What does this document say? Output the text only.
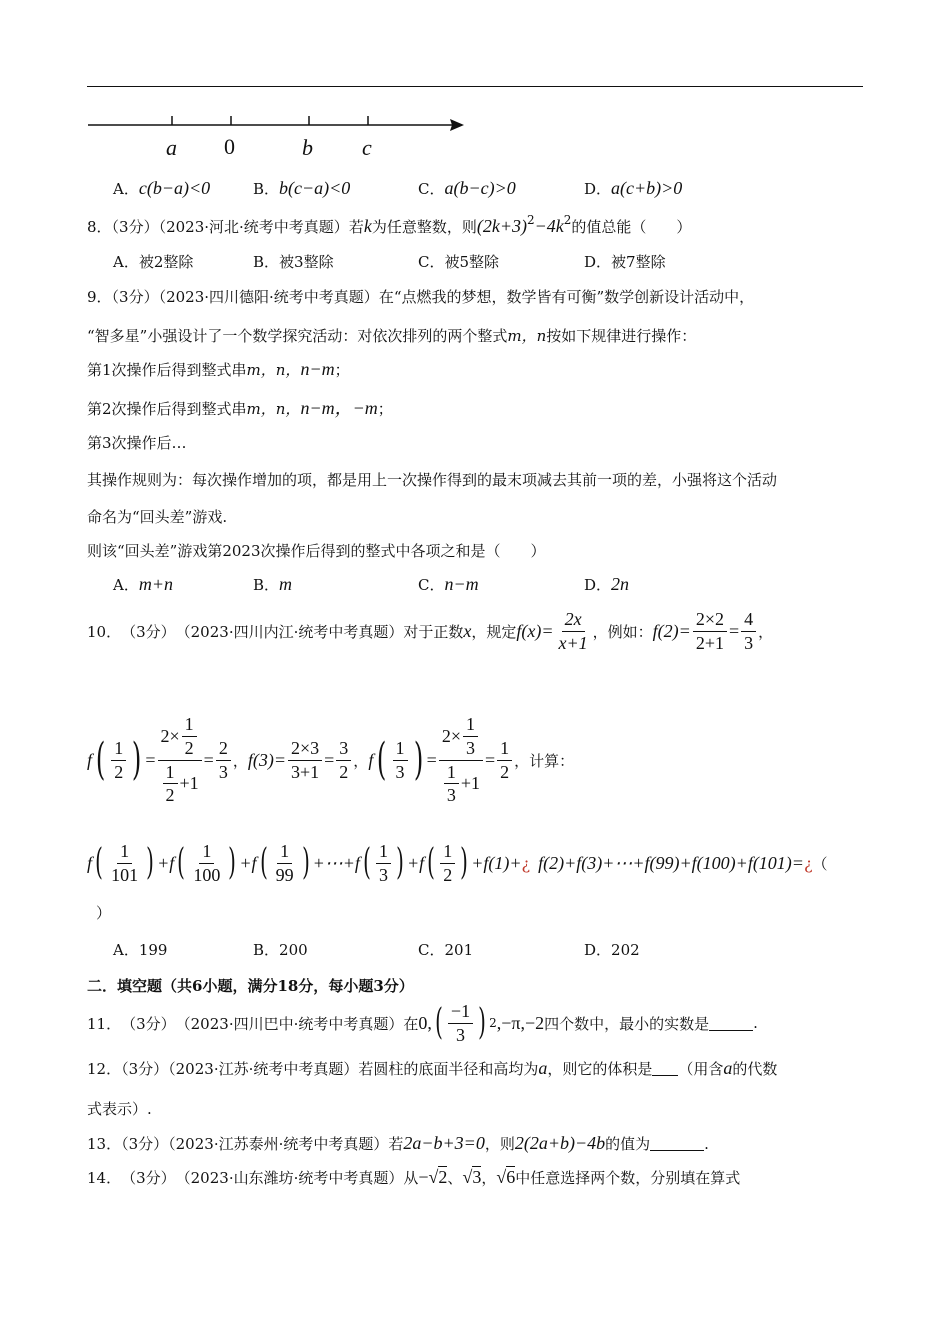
a 0	b c
A．c(b−a)<0	B．b(c−a)<0	C．a(b−c)>0	D．a(c+b)>0
8．（3分）（2023·河北·统考中考真题）若k为任意整数，则$(2k+3)^2-4k^2$的值总能（　　）
A．被2整除	B．被3整除	C．被5整除	D．被7整除
9．（3分）（2023·四川德阳·统考中考真题）在“点燃我的梦想，数学皆有可衡”数学创新设计活动中，
“智多星”小强设计了一个数学探究活动：对依次排列的两个整式m，n按如下规律进行操作：
第1次操作后得到整式串m，n，n−m；
第2次操作后得到整式串m，n，n−m，−m；
第3次操作后…
其操作规则为：每次操作增加的项，都是用上一次操作得到的最末项减去其前一项的差，小强将这个活动
命名为“回头差”游戏.
则该“回头差”游戏第2023次操作后得到的整式中各项之和是（　　）
A．m+n	B．m	C．n−m	D．2n
10． （3分） （2023·四川内江·统考中考真题） 对于正数 x ，规定 $f(x)= \frac{2x}{x+1}$ ，例如： $f(2)= \frac{2\times 2}{2+1} = \frac{4}{3}$ ，
f ( $\frac{1}{2}$ ) = $\frac{2\times \frac{1}{2}}{\frac{1}{2} +1} = \frac{2}{3}$ ， $f(3)= \frac{2\times 3}{3+1} = \frac{3}{2}$ ， f ( $\frac{1}{3}$ ) = $\frac{2\times \frac{1}{3}}{\frac{1}{3} +1} = \frac{1}{2}$ ，计算：
f ( $\frac{1}{101}$ ) +f ( $\frac{1}{100}$ ) +f ( $\frac{1}{99}$ ) +⋯+f ( $\frac{1}{3}$ ) +f ( $\frac{1}{2}$ ) +f(1)+ ¿ f(2)+f(3)+⋯+f(99)+f(100)+f(101)= ¿ （
）
A．199	B．200	C．201	D．202
二．填空题（共6小题，满分18分，每小题3分）
11． （3分） （2023·四川巴中·统考中考真题） 在 0, ( $\frac{-1}{3}$ ) 2 ,−π,−2 四个数中，最小的实数是	.
12．（3分）（2023·江苏·统考中考真题）若圆柱的底面半径和高均为a，则它的体积是 （用含a的代数
式表示）.
13．（3分）（2023·江苏泰州·统考中考真题）若2a−b+3=0，则2(2a+b)−4b的值为	.
14． （3分） （2023·山东潍坊·统考中考真题） 从 − √2 、 √3 ， √6 中任意选择两个数，分别填在算式
